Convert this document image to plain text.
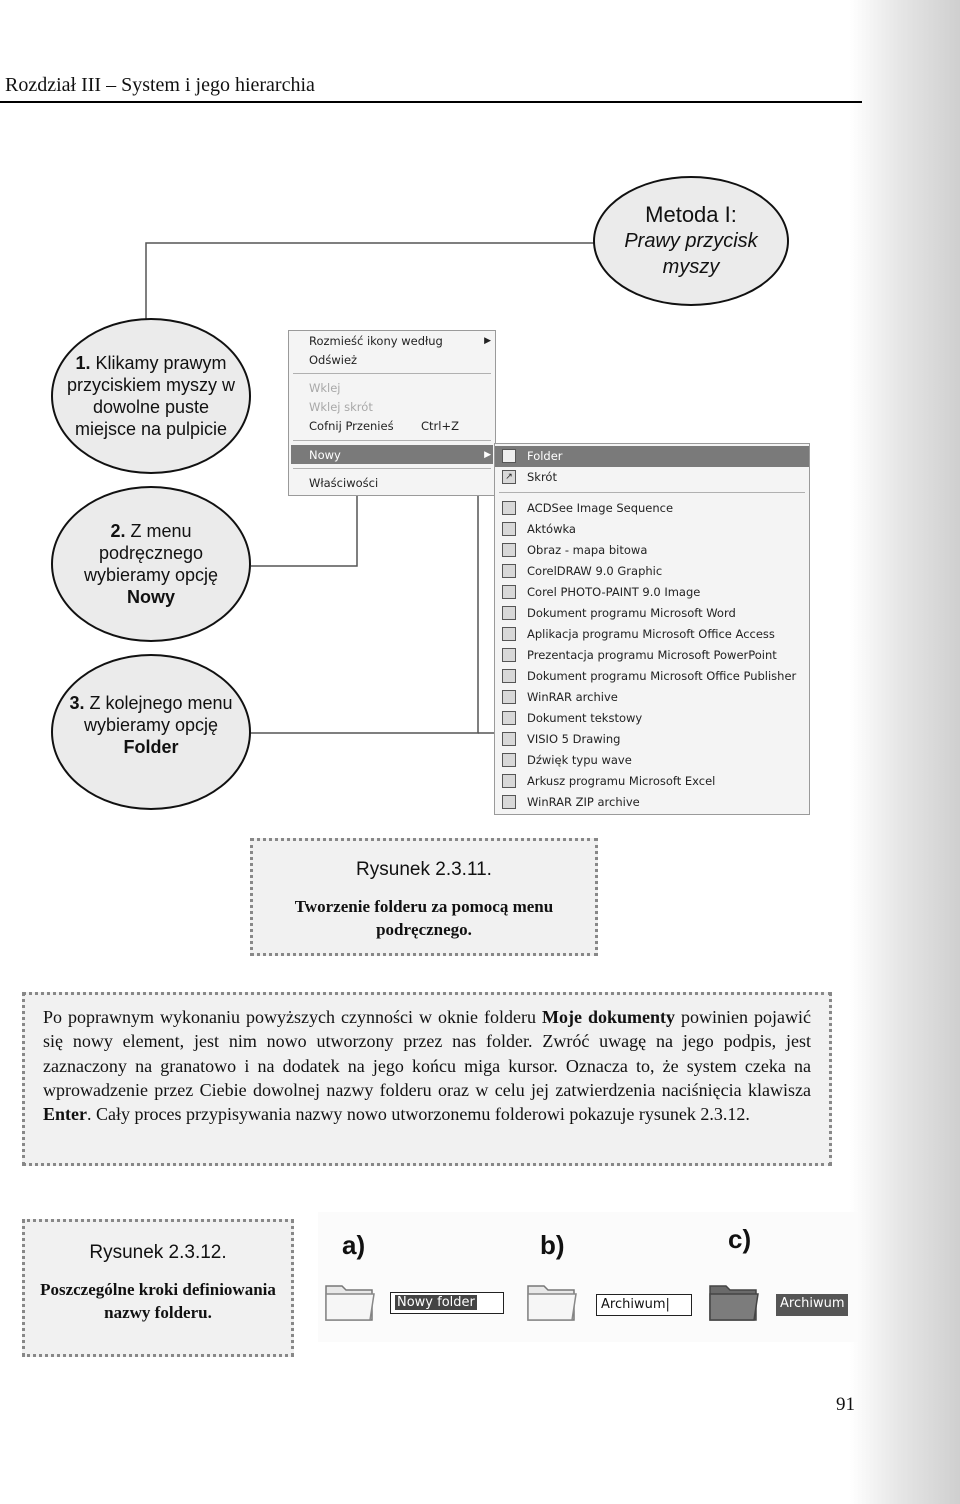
Rozdział III – System i jego hierarchia
Metoda I:
Prawy przycisk myszy
1. Klikamy prawym przyciskiem myszy w dowolne puste miejsce na pulpicie
2. Z menu podręcznego wybieramy opcję
Nowy
3. Z kolejnego menu wybieramy opcję
Folder
Rozmieść ikony według	▶
Odśwież
Wklej
Wklej skrót
Cofnij Przenieś Ctrl+Z
Nowy	▶
Właściwości
Folder
↗ Skrót
ACDSee Image Sequence
Aktówka
Obraz - mapa bitowa
CorelDRAW 9.0 Graphic
Corel PHOTO-PAINT 9.0 Image
Dokument programu Microsoft Word
Aplikacja programu Microsoft Office Access
Prezentacja programu Microsoft PowerPoint
Dokument programu Microsoft Office Publisher
WinRAR archive
Dokument tekstowy
VISIO 5 Drawing
Dźwięk typu wave
Arkusz programu Microsoft Excel
WinRAR ZIP archive
Rysunek 2.3.11.
Tworzenie folderu za pomocą menu podręcznego.
Po poprawnym wykonaniu powyższych czynności w oknie folderu Moje dokumenty powinien pojawić się nowy element, jest nim nowo utworzony przez nas folder. Zwróć uwagę na jego podpis, jest zaznaczony na granatowo i na dodatek na jego końcu miga kursor. Oznacza to, że system czeka na wprowadzenie przez Ciebie dowolnej nazwy folderu oraz w celu jej zatwierdzenia naciśnięcia klawisza Enter. Cały proces przypisywania nazwy nowo utworzonemu folderowi pokazuje rysunek 2.3.12.
Rysunek 2.3.12.
Poszczególne kroki definiowania nazwy folderu.
a)
Nowy folder
b)
Archiwum|
c)
Archiwum
91
